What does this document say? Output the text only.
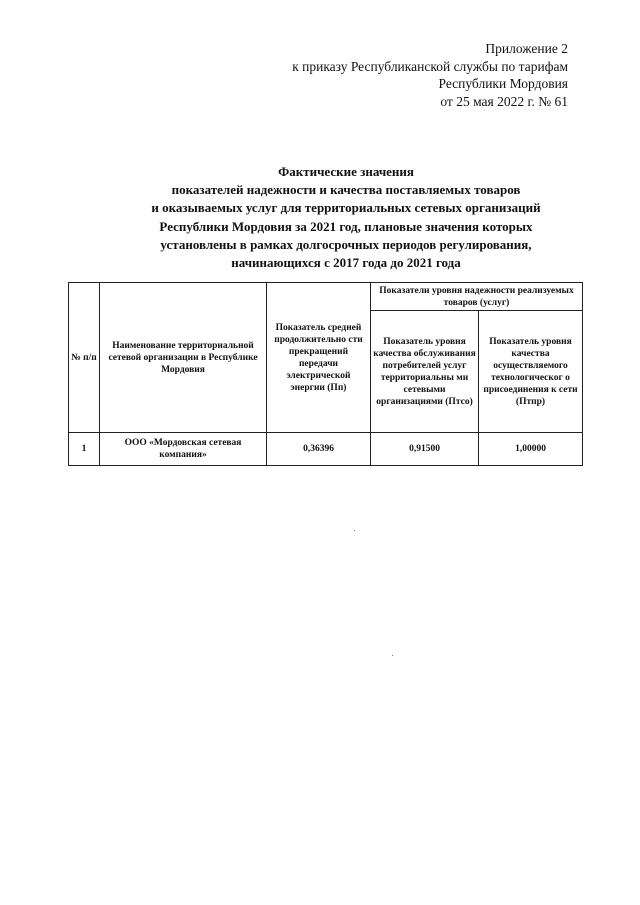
Приложение 2
к приказу Республиканской службы по тарифам
Республики Мордовия
от 25 мая 2022 г. № 61
Фактические значения
показателей надежности и качества поставляемых товаров
и оказываемых услуг для территориальных сетевых организаций
Республики Мордовия за 2021 год, плановые значения которых
установлены в рамках долгосрочных периодов регулирования,
начинающихся с 2017 года до 2021 года
№ п/п	Наименование территориальной сетевой организации в Республике Мордовия	Показатель средней продолжительно сти прекращений передачи электрической энергии (Пп)	Показатели уровня надежности реализуемых товаров (услуг)	
			Показатель уровня качества обслуживания потребителей услуг территориальны ми сетевыми организациями (Птсо)	Показатель уровня качества осуществляемого технологическог о присоединения к сети (Птпр)
1	ООО «Мордовская сетевая компания»	0,36396	0,91500	1,00000
